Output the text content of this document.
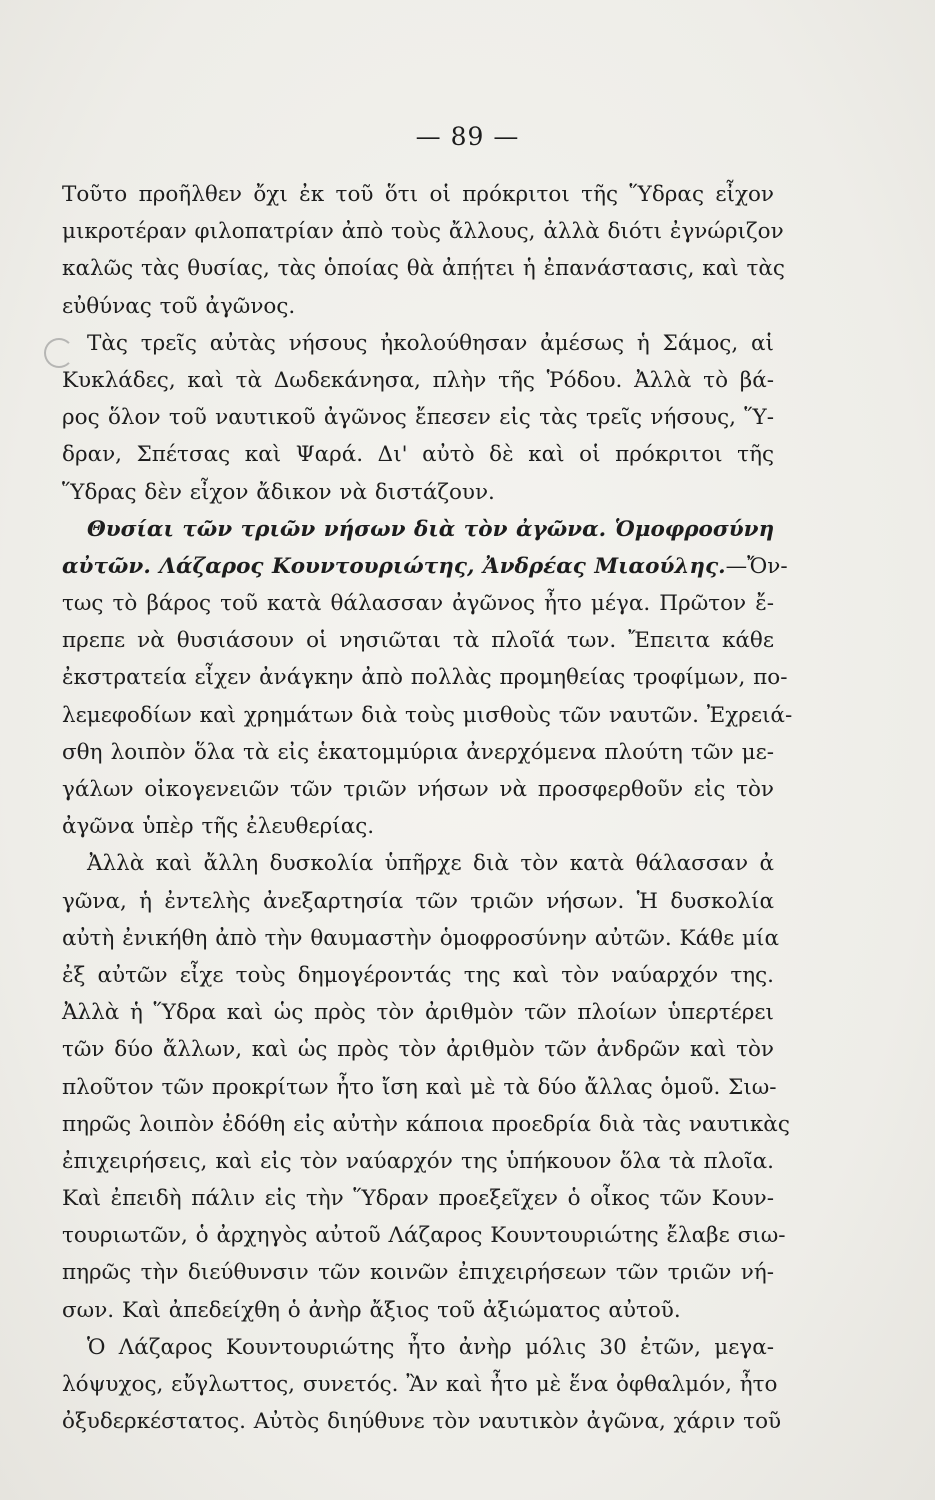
— 89 —
Τοῦτο προῆλθεν ὄχι ἐκ τοῦ ὅτι οἱ πρόκριτοι τῆς Ὕδρας εἶχον
μικροτέραν φιλοπατρίαν ἀπὸ τοὺς ἄλλους, ἀλλὰ διότι ἐγνώριζον
καλῶς τὰς θυσίας, τὰς ὁποίας θὰ ἀπῄτει ἡ ἐπανάστασις, καὶ τὰς
εὐθύνας τοῦ ἀγῶνος.
Τὰς τρεῖς αὐτὰς νήσους ἠκολούθησαν ἀμέσως ἡ Σάμος, αἱ
Κυκλάδες, καὶ τὰ Δωδεκάνησα, πλὴν τῆς Ῥόδου. Ἀλλὰ τὸ βά-
ρος ὅλον τοῦ ναυτικοῦ ἀγῶνος ἔπεσεν εἰς τὰς τρεῖς νήσους, Ὕ-
δραν, Σπέτσας καὶ Ψαρά. Δι' αὐτὸ δὲ καὶ οἱ πρόκριτοι τῆς
Ὕδρας δὲν εἶχον ἄδικον νὰ διστάζουν.
Θυσίαι τῶν τριῶν νήσων διὰ τὸν ἀγῶνα. Ὁμοφροσύνη
αὐτῶν. Λάζαρος Κουντουριώτης, Ἀνδρέας Μιαούλης.—Ὄν-
τως τὸ βάρος τοῦ κατὰ θάλασσαν ἀγῶνος ἦτο μέγα. Πρῶτον ἔ-
πρεπε νὰ θυσιάσουν οἱ νησιῶται τὰ πλοῖά των. Ἔπειτα κάθε
ἐκστρατεία εἶχεν ἀνάγκην ἀπὸ πολλὰς προμηθείας τροφίμων, πο-
λεμεφοδίων καὶ χρημάτων διὰ τοὺς μισθοὺς τῶν ναυτῶν. Ἐχρειά-
σθη λοιπὸν ὅλα τὰ εἰς ἑκατομμύρια ἀνερχόμενα πλούτη τῶν με-
γάλων οἰκογενειῶν τῶν τριῶν νήσων νὰ προσφερθοῦν εἰς τὸν
ἀγῶνα ὑπὲρ τῆς ἐλευθερίας.
Ἀλλὰ καὶ ἄλλη δυσκολία ὑπῆρχε διὰ τὸν κατὰ θάλασσαν ἀ
γῶνα, ἡ ἐντελὴς ἀνεξαρτησία τῶν τριῶν νήσων. Ἡ δυσκολία
αὐτὴ ἐνικήθη ἀπὸ τὴν θαυμαστὴν ὁμοφροσύνην αὐτῶν. Κάθε μία
ἐξ αὐτῶν εἶχε τοὺς δημογέροντάς της καὶ τὸν ναύαρχόν της.
Ἀλλὰ ἡ Ὕδρα καὶ ὡς πρὸς τὸν ἀριθμὸν τῶν πλοίων ὑπερτέρει
τῶν δύο ἄλλων, καὶ ὡς πρὸς τὸν ἀριθμὸν τῶν ἀνδρῶν καὶ τὸν
πλοῦτον τῶν προκρίτων ἦτο ἴση καὶ μὲ τὰ δύο ἄλλας ὁμοῦ. Σιω-
πηρῶς λοιπὸν ἐδόθη εἰς αὐτὴν κάποια προεδρία διὰ τὰς ναυτικὰς
ἐπιχειρήσεις, καὶ εἰς τὸν ναύαρχόν της ὑπήκουον ὅλα τὰ πλοῖα.
Καὶ ἐπειδὴ πάλιν εἰς τὴν Ὕδραν προεξεῖχεν ὁ οἶκος τῶν Κουν-
τουριωτῶν, ὁ ἀρχηγὸς αὐτοῦ Λάζαρος Κουντουριώτης ἔλαβε σιω-
πηρῶς τὴν διεύθυνσιν τῶν κοινῶν ἐπιχειρήσεων τῶν τριῶν νή-
σων. Καὶ ἀπεδείχθη ὁ ἀνὴρ ἄξιος τοῦ ἀξιώματος αὐτοῦ.
Ὁ Λάζαρος Κουντουριώτης ἦτο ἀνὴρ μόλις 30 ἐτῶν, μεγα-
λόψυχος, εὔγλωττος, συνετός. Ἂν καὶ ἦτο μὲ ἕνα ὀφθαλμόν, ἦτο
ὀξυδερκέστατος. Αὐτὸς διηύθυνε τὸν ναυτικὸν ἀγῶνα, χάριν τοῦ
